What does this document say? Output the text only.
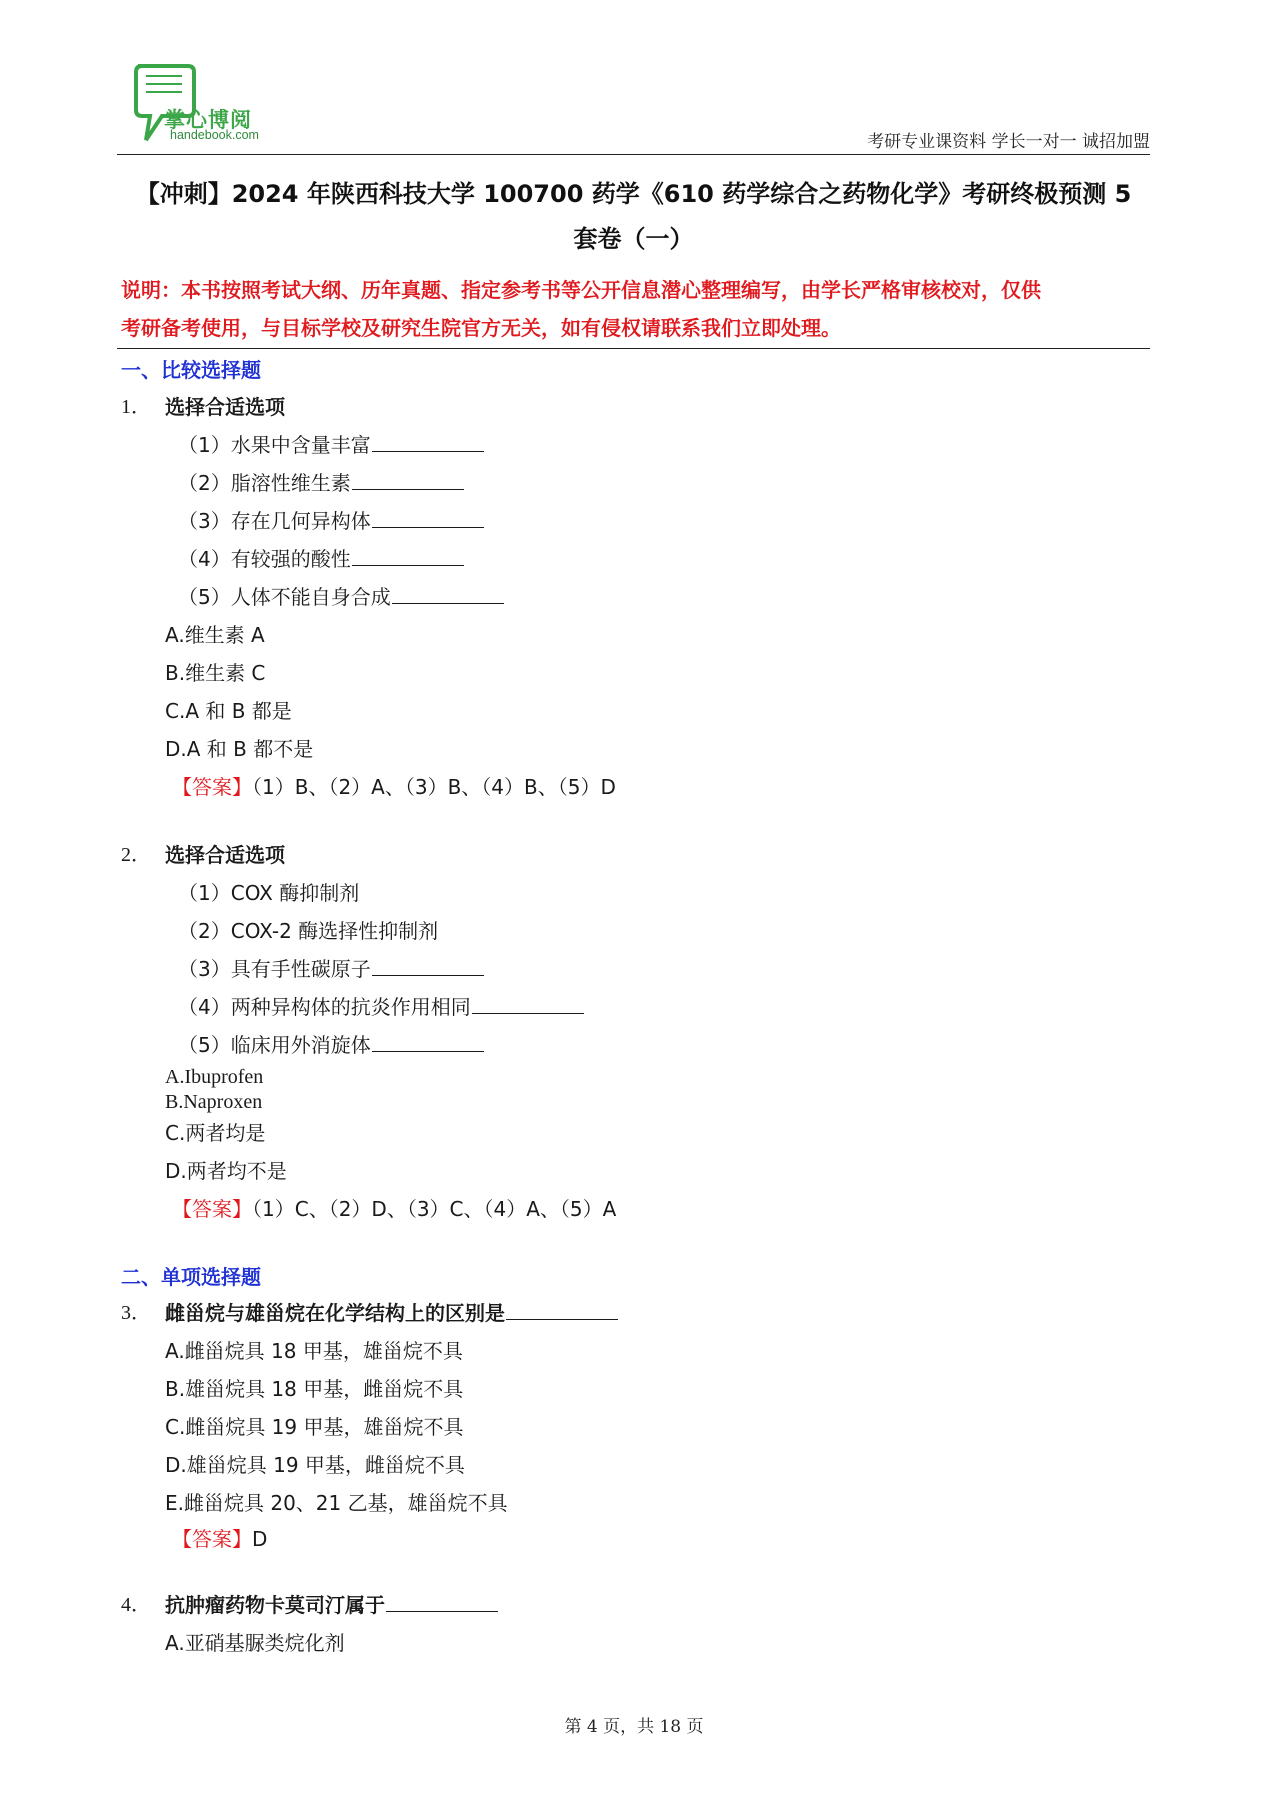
掌心博阅
handebook.com	考研专业课资料 学长一对一 诚招加盟
【冲刺】2024 年陕西科技大学 100700 药学《610 药学综合之药物化学》考研终极预测 5
套卷（一）
说明：本书按照考试大纲、历年真题、指定参考书等公开信息潜心整理编写，由学长严格审核校对，仅供
考研备考使用，与目标学校及研究生院官方无关，如有侵权请联系我们立即处理。
一、比较选择题
1． 选择合适选项
（1）水果中含量丰富
（2）脂溶性维生素
（3）存在几何异构体
（4）有较强的酸性
（5）人体不能自身合成
A.维生素 A
B.维生素 C
C.A 和 B 都是
D.A 和 B 都不是
【答案】（1）B、（2）A、（3）B、（4）B、（5）D
2． 选择合适选项
（1）COX 酶抑制剂
（2）COX-2 酶选择性抑制剂
（3）具有手性碳原子
（4）两种异构体的抗炎作用相同
（5）临床用外消旋体
A.Ibuprofen
B.Naproxen
C.两者均是
D.两者均不是
【答案】（1）C、（2）D、（3）C、（4）A、（5）A
二、单项选择题
3． 雌甾烷与雄甾烷在化学结构上的区别是
A.雌甾烷具 18 甲基，雄甾烷不具
B.雄甾烷具 18 甲基，雌甾烷不具
C.雌甾烷具 19 甲基，雄甾烷不具
D.雄甾烷具 19 甲基，雌甾烷不具
E.雌甾烷具 20、21 乙基，雄甾烷不具
【答案】D
4． 抗肿瘤药物卡莫司汀属于
A.亚硝基脲类烷化剂
第 4 页，共 18 页
